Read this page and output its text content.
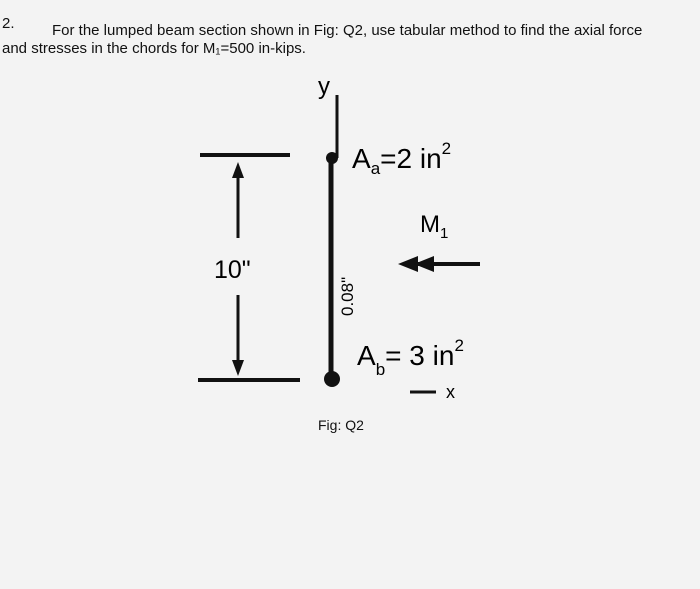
2. For the lumped beam section shown in Fig: Q2, use tabular method to find the axial force
and stresses in the chords for M₁=500 in-kips.
10"
y
0.08"
$A_a=2$ $in^2$
$M_1$
$A_b= 3$ $in^2$
x
Fig: Q2
